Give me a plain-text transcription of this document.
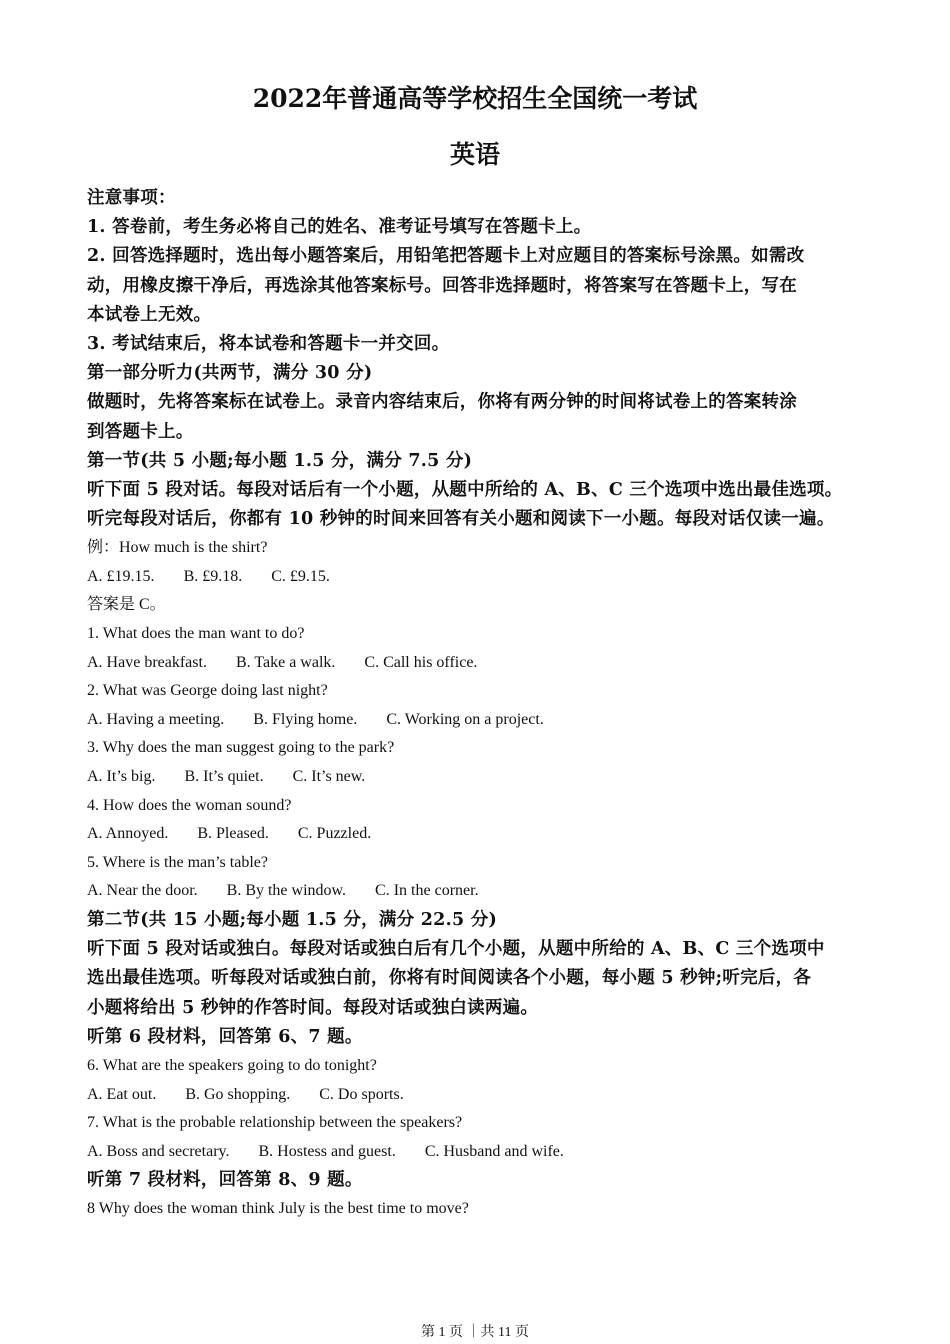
2022年普通高等学校招生全国统一考试
英语
注意事项：
1. 答卷前，考生务必将自己的姓名、准考证号填写在答题卡上。
2. 回答选择题时，选出每小题答案后，用铅笔把答题卡上对应题目的答案标号涂黑。如需改
动，用橡皮擦干净后，再选涂其他答案标号。回答非选择题时，将答案写在答题卡上，写在
本试卷上无效。
3. 考试结束后，将本试卷和答题卡一并交回。
第一部分听力(共两节，满分 30 分)
做题时，先将答案标在试卷上。录音内容结束后，你将有两分钟的时间将试卷上的答案转涂
到答题卡上。
第一节(共 5 小题;每小题 1.5 分，满分 7.5 分)
听下面 5 段对话。每段对话后有一个小题，从题中所给的 A、B、C 三个选项中选出最佳选项。
听完每段对话后，你都有 10 秒钟的时间来回答有关小题和阅读下一小题。每段对话仅读一遍。
例：How much is the shirt?
A. £19.15. B. £9.18. C. £9.15.
答案是 C。
1. What does the man want to do?
A. Have breakfast. B. Take a walk. C. Call his office.
2. What was George doing last night?
A. Having a meeting. B. Flying home. C. Working on a project.
3. Why does the man suggest going to the park?
A. It’s big. B. It’s quiet. C. It’s new.
4. How does the woman sound?
A. Annoyed. B. Pleased. C. Puzzled.
5. Where is the man’s table?
A. Near the door. B. By the window. C. In the corner.
第二节(共 15 小题;每小题 1.5 分，满分 22.5 分)
听下面 5 段对话或独白。每段对话或独白后有几个小题，从题中所给的 A、B、C 三个选项中
选出最佳选项。听每段对话或独白前，你将有时间阅读各个小题，每小题 5 秒钟;听完后，各
小题将给出 5 秒钟的作答时间。每段对话或独白读两遍。
听第 6 段材料，回答第 6、7 题。
6. What are the speakers going to do tonight?
A. Eat out. B. Go shopping. C. Do sports.
7. What is the probable relationship between the speakers?
A. Boss and secretary. B. Hostess and guest. C. Husband and wife.
听第 7 段材料，回答第 8、9 题。
8 Why does the woman think July is the best time to move?
第 1 页 ｜共 11 页
